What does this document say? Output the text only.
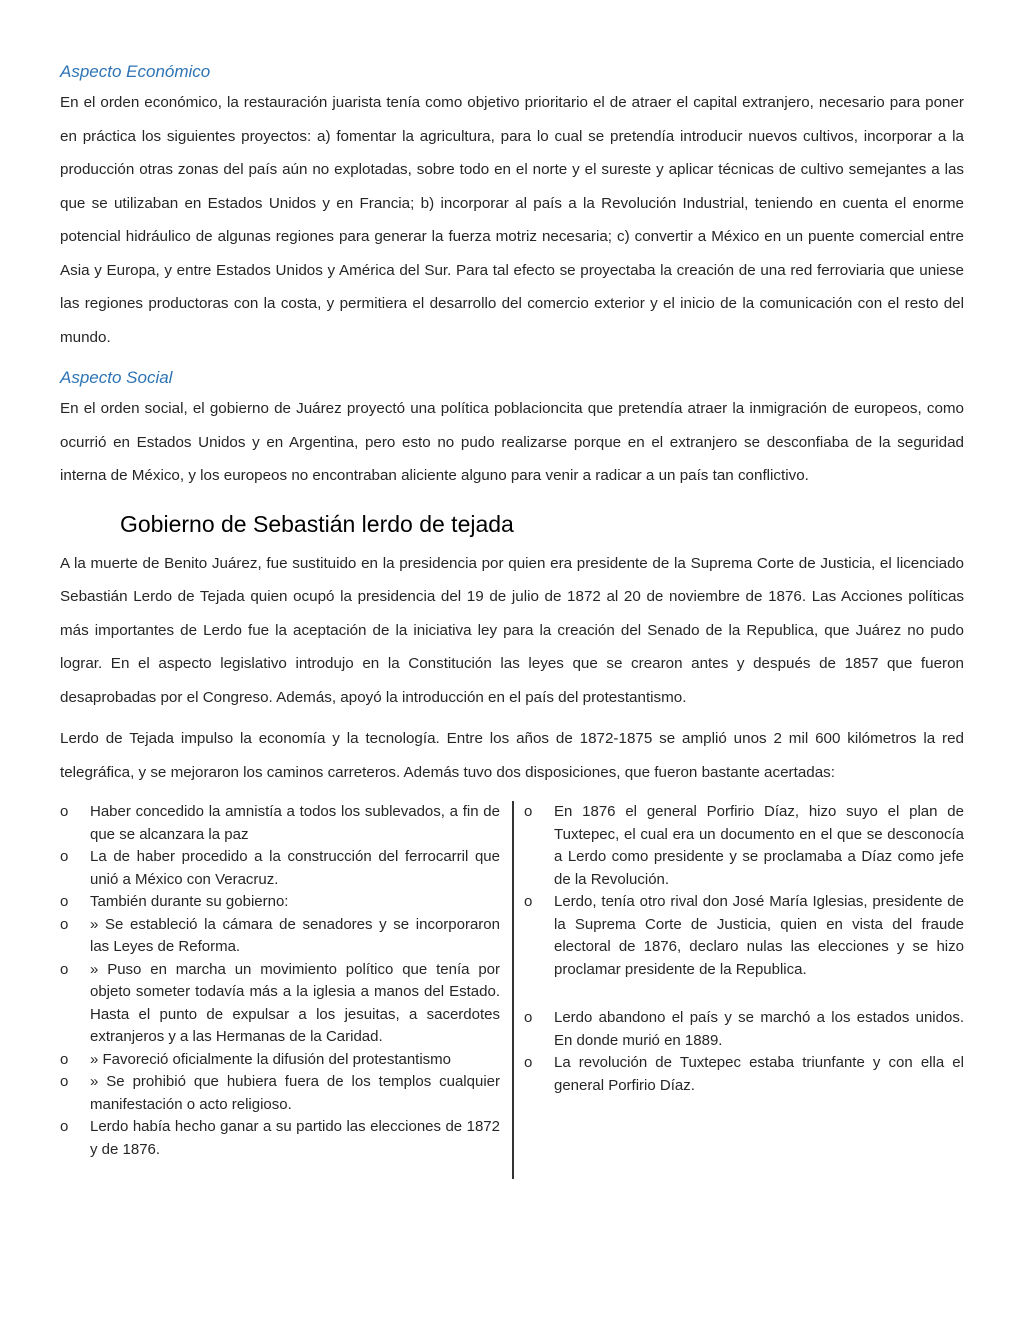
Aspecto Económico

En el orden económico, la restauración juarista tenía como objetivo prioritario el de atraer el capital extranjero, necesario para poner en práctica los siguientes proyectos: a) fomentar la agricultura, para lo cual se pretendía introducir nuevos cultivos, incorporar a la producción otras zonas del país aún no explotadas, sobre todo en el norte y el sureste y aplicar técnicas de cultivo semejantes a las que se utilizaban en Estados Unidos y en Francia; b) incorporar al país a la Revolución Industrial, teniendo en cuenta el enorme potencial hidráulico de algunas regiones para generar la fuerza motriz necesaria; c) convertir a México en un puente comercial entre Asia y Europa, y entre Estados Unidos y América del Sur. Para tal efecto se proyectaba la creación de una red ferroviaria que uniese las regiones productoras con la costa, y permitiera el desarrollo del comercio exterior y el inicio de la comunicación con el resto del mundo.

Aspecto Social

En el orden social, el gobierno de Juárez proyectó una política poblacioncita que pretendía atraer la inmigración de europeos, como ocurrió en Estados Unidos y en Argentina, pero esto no pudo realizarse porque en el extranjero se desconfiaba de la seguridad interna de México, y los europeos no encontraban aliciente alguno para venir a radicar a un país tan conflictivo.

Gobierno de Sebastián lerdo de tejada

A la muerte de Benito Juárez, fue sustituido en la presidencia por quien era presidente de la Suprema Corte de Justicia, el licenciado Sebastián Lerdo de Tejada quien ocupó la presidencia del 19 de julio de 1872 al 20 de noviembre de 1876. Las Acciones políticas más importantes de Lerdo fue la aceptación de la iniciativa ley para la creación del Senado de la Republica, que Juárez no pudo lograr. En el aspecto legislativo introdujo en la Constitución las leyes que se crearon antes y después de 1857 que fueron desaprobadas por el Congreso. Además, apoyó la introducción en el país del protestantismo.

Lerdo de Tejada impulso la economía y la tecnología. Entre los años de 1872-1875 se amplió unos 2 mil 600 kilómetros la red telegráfica, y se mejoraron los caminos carreteros. Además tuvo dos disposiciones, que fueron bastante acertadas:

o	Haber concedido la amnistía a todos los sublevados, a fin de que se alcanzara la paz
o	La de haber procedido a la construcción del ferrocarril que unió a México con Veracruz.
o	También durante su gobierno:
o	» Se estableció la cámara de senadores y se incorporaron las Leyes de Reforma.
o	» Puso en marcha un movimiento político que tenía por objeto someter todavía más a la iglesia a manos del Estado. Hasta el punto de expulsar a los jesuitas, a sacerdotes extranjeros y a las Hermanas de la Caridad.
o	» Favoreció oficialmente la difusión del protestantismo
o	» Se prohibió que hubiera fuera de los templos cualquier manifestación o acto religioso.
o	Lerdo había hecho ganar a su partido las elecciones de 1872 y de 1876.
o	En 1876 el general Porfirio Díaz, hizo suyo el plan de Tuxtepec, el cual era un documento en el que se desconocía a Lerdo como presidente y se proclamaba a Díaz como jefe de la Revolución.
o	Lerdo, tenía otro rival don José María Iglesias, presidente de la Suprema Corte de Justicia, quien en vista del fraude electoral de 1876, declaro nulas las elecciones y se hizo proclamar presidente de la Republica.
o	Lerdo abandono el país y se marchó a los estados unidos. En donde murió en 1889.
o	La revolución de Tuxtepec estaba triunfante y con ella el general Porfirio Díaz.
